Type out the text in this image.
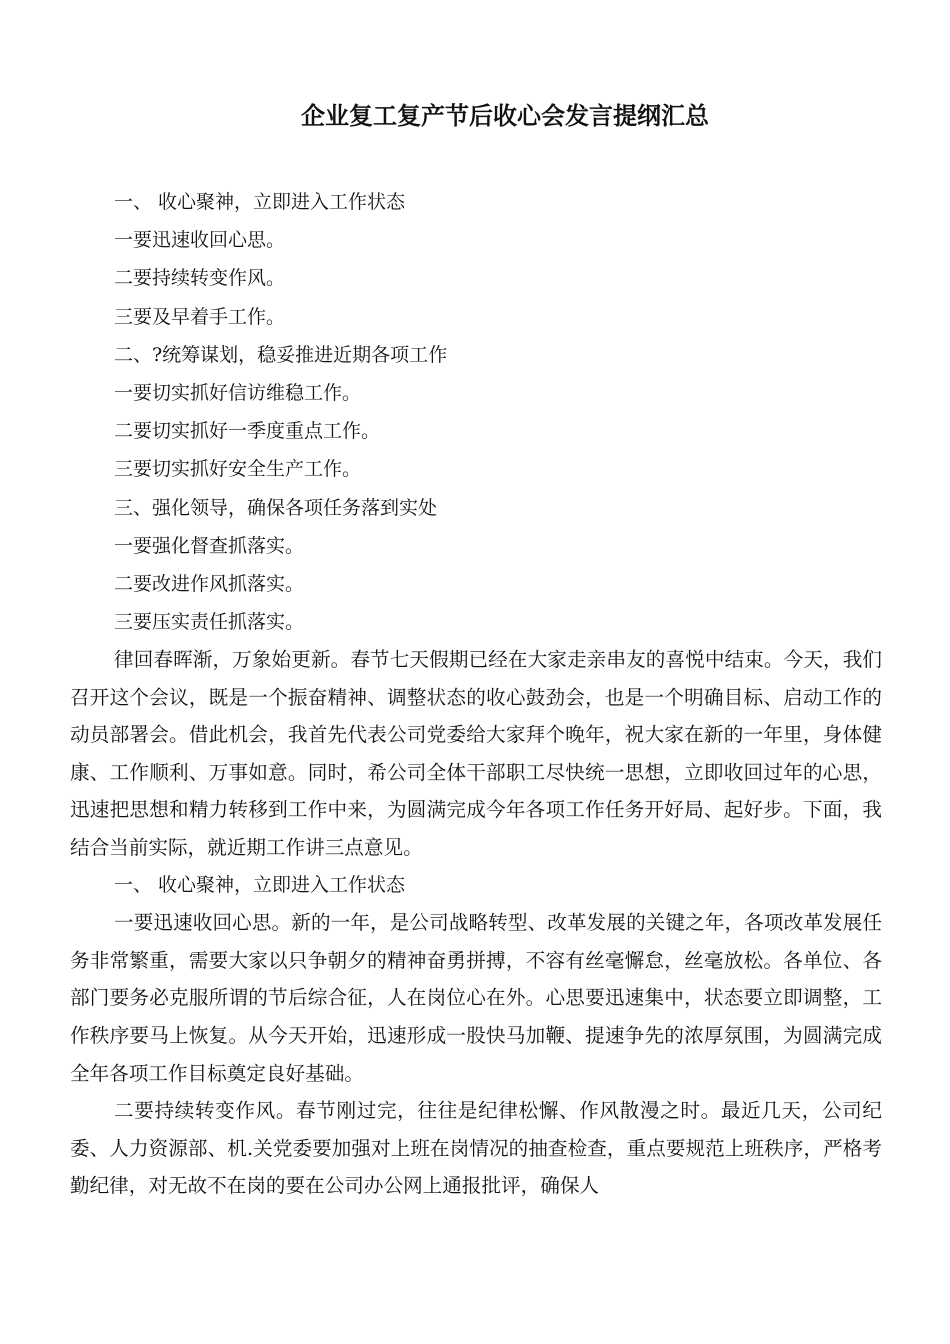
企业复工复产节后收心会发言提纲汇总
一、 收心聚神，立即进入工作状态
一要迅速收回心思。
二要持续转变作风。
三要及早着手工作。
二、?统筹谋划，稳妥推进近期各项工作
一要切实抓好信访维稳工作。
二要切实抓好一季度重点工作。
三要切实抓好安全生产工作。
三、强化领导，确保各项任务落到实处
一要强化督查抓落实。
二要改进作风抓落实。
三要压实责任抓落实。

律回春晖渐，万象始更新。春节七天假期已经在大家走亲串友的喜悦中结束。今天，我们召开这个会议，既是一个振奋精神、调整状态的收心鼓劲会，也是一个明确目标、启动工作的动员部署会。借此机会，我首先代表公司党委给大家拜个晚年，祝大家在新的一年里，身体健康、工作顺利、万事如意。同时，希公司全体干部职工尽快统一思想，立即收回过年的心思，迅速把思想和精力转移到工作中来，为圆满完成今年各项工作任务开好局、起好步。下面，我结合当前实际，就近期工作讲三点意见。

一、 收心聚神，立即进入工作状态

一要迅速收回心思。新的一年，是公司战略转型、改革发展的关键之年，各项改革发展任务非常繁重，需要大家以只争朝夕的精神奋勇拼搏，不容有丝毫懈怠，丝毫放松。各单位、各部门要务必克服所谓的节后综合征，人在岗位心在外。心思要迅速集中，状态要立即调整，工作秩序要马上恢复。从今天开始，迅速形成一股快马加鞭、提速争先的浓厚氛围，为圆满完成全年各项工作目标奠定良好基础。

二要持续转变作风。春节刚过完，往往是纪律松懈、作风散漫之时。最近几天，公司纪委、人力资源部、机.关党委要加强对上班在岗情况的抽查检查，重点要规范上班秩序，严格考勤纪律，对无故不在岗的要在公司办公网上通报批评，确保人
